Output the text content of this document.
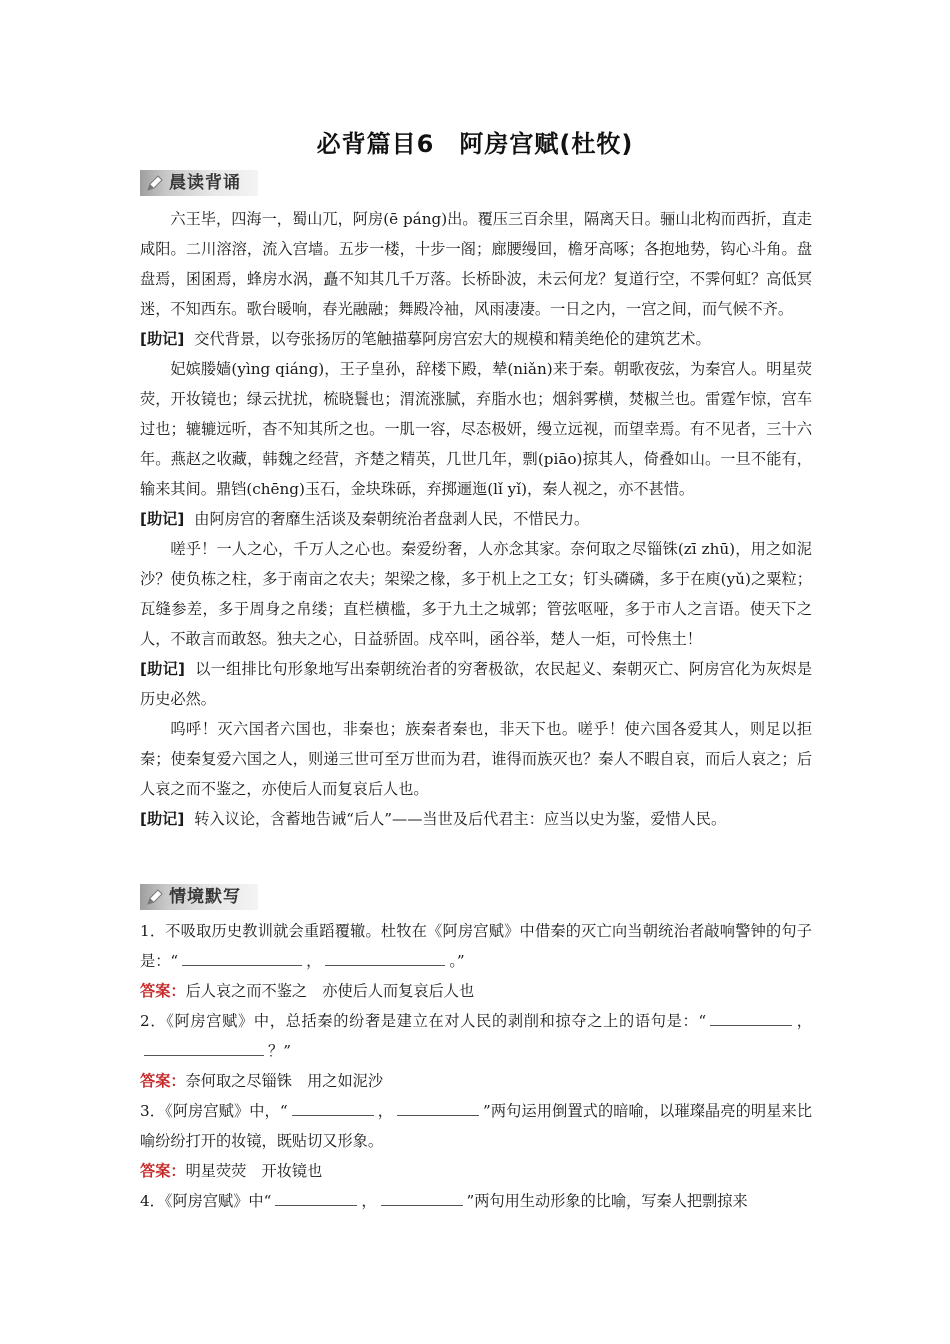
必背篇目6　阿房宫赋(杜牧)
晨读背诵

六王毕，四海一，蜀山兀，阿房(ē páng)出。覆压三百余里，隔离天日。骊山北构而西折，直走咸阳。二川溶溶，流入宫墙。五步一楼，十步一阁；廊腰缦回，檐牙高啄；各抱地势，钩心斗角。盘盘焉，囷囷焉，蜂房水涡，矗不知其几千万落。长桥卧波，未云何龙？复道行空，不霁何虹？高低冥迷，不知西东。歌台暖响，春光融融；舞殿冷袖，风雨凄凄。一日之内，一宫之间，而气候不齐。

[助记] 交代背景，以夸张扬厉的笔触描摹阿房宫宏大的规模和精美绝伦的建筑艺术。

妃嫔媵嫱(yìng qiáng)，王子皇孙，辞楼下殿，辇(niǎn)来于秦。朝歌夜弦，为秦宫人。明星荧荧，开妆镜也；绿云扰扰，梳晓鬟也；渭流涨腻，弃脂水也；烟斜雾横，焚椒兰也。雷霆乍惊，宫车过也；辘辘远听，杳不知其所之也。一肌一容，尽态极妍，缦立远视，而望幸焉。有不见者，三十六年。燕赵之收藏，韩魏之经营，齐楚之精英，几世几年，剽(piāo)掠其人，倚叠如山。一旦不能有，输来其间。鼎铛(chēng)玉石，金块珠砾，弃掷逦迤(lǐ yǐ)，秦人视之，亦不甚惜。

[助记] 由阿房宫的奢靡生活谈及秦朝统治者盘剥人民，不惜民力。

嗟乎！一人之心，千万人之心也。秦爱纷奢，人亦念其家。奈何取之尽锱铢(zī zhū)，用之如泥沙？使负栋之柱，多于南亩之农夫；架梁之椽，多于机上之工女；钉头磷磷，多于在庾(yǔ)之粟粒；瓦缝参差，多于周身之帛缕；直栏横槛，多于九土之城郭；管弦呕哑，多于市人之言语。使天下之人，不敢言而敢怒。独夫之心，日益骄固。戍卒叫，函谷举，楚人一炬，可怜焦土！

[助记] 以一组排比句形象地写出秦朝统治者的穷奢极欲，农民起义、秦朝灭亡、阿房宫化为灰烬是历史必然。

呜呼！灭六国者六国也，非秦也；族秦者秦也，非天下也。嗟乎！使六国各爱其人，则足以拒秦；使秦复爱六国之人，则递三世可至万世而为君，谁得而族灭也？秦人不暇自哀，而后人哀之；后人哀之而不鉴之，亦使后人而复哀后人也。

[助记] 转入议论，含蓄地告诫“后人”——当世及后代君主：应当以史为鉴，爱惜人民。

情境默写

1．不吸取历史教训就会重蹈覆辙。杜牧在《阿房宫赋》中借秦的灭亡向当朝统治者敲响警钟的句子是：“	，	。”

答案：后人哀之而不鉴之　亦使后人而复哀后人也

2．《阿房宫赋》中，总括秦的纷奢是建立在对人民的剥削和掠夺之上的语句是：“	，？”

答案：奈何取之尽锱铢　用之如泥沙

3．《阿房宫赋》中，“	，	”两句运用倒置式的暗喻，以璀璨晶亮的明星来比喻纷纷打开的妆镜，既贴切又形象。

答案：明星荧荧　开妆镜也

4．《阿房宫赋》中“	，	”两句用生动形象的比喻，写秦人把剽掠来
